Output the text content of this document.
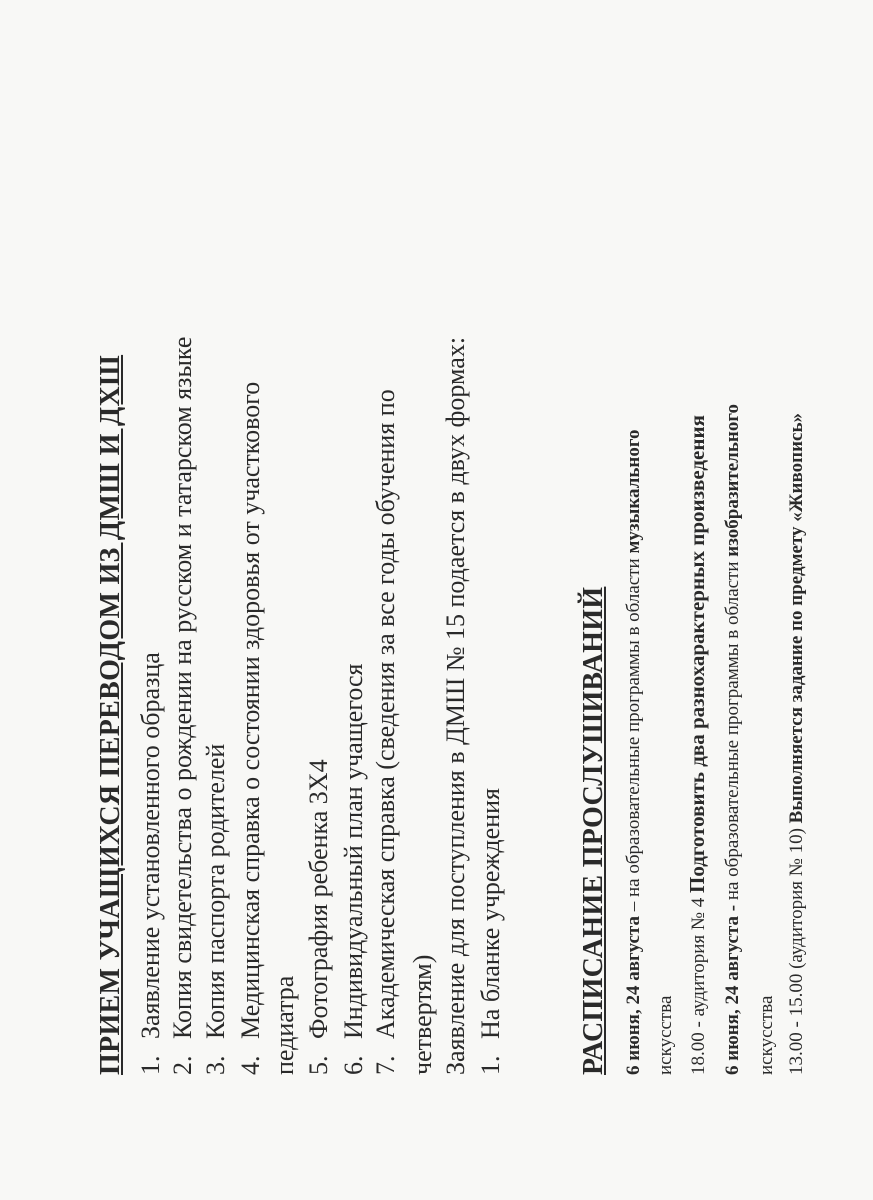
ПРИЕМ УЧАЩИХСЯ ПЕРЕВОДОМ ИЗ ДМШ И ДХШ 1.Заявление установленного образца
2.Копия свидетельства о рождении на русском и татарском языке
3.Копия паспорта родителей
4.Медицинская справка о состоянии здоровья от участкового педиатра 5.Фотография ребенка 3Х4
6.Индивидуальный план учащегося
7.Академическая справка (сведения за все годы обучения по четвертям) Заявление для поступления в ДМШ № 15 подается в двух формах: 1.На бланке учреждения	РАСПИСАНИЕ ПРОСЛУШИВАНИЙ 6 июня, 24 августа – на образовательные программы в области музыкального
искусства 18.00 - аудитория № 4 Подготовить два разнохарактерных произведения
6 июня, 24 августа - на образовательные программы в области изобразительного
искусства 13.00 - 15.00 (аудитория № 10) Выполняется задание по предмету «Живопись»
